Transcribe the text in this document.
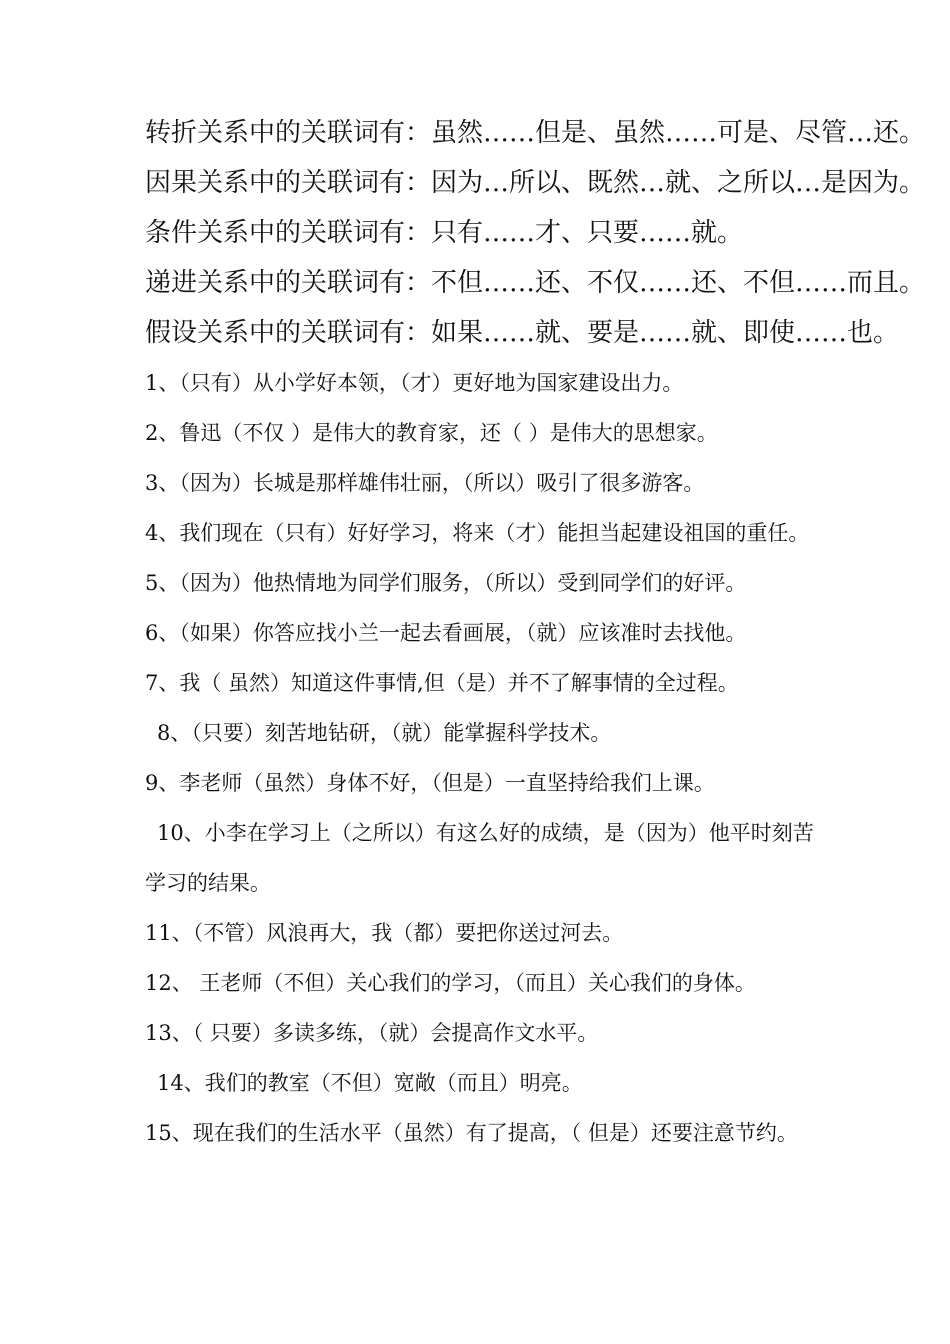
转折关系中的关联词有：虽然……但是、虽然……可是、尽管…还。
因果关系中的关联词有：因为…所以、既然…就、之所以…是因为。
条件关系中的关联词有：只有……才、只要……就。
递进关系中的关联词有：不但……还、不仅……还、不但……而且。
假设关系中的关联词有：如果……就、要是……就、即使……也。
1、（只有）从小学好本领，（才）更好地为国家建设出力。
2、鲁迅（不仅 ）是伟大的教育家，还（ ）是伟大的思想家。
3、（因为）长城是那样雄伟壮丽，（所以）吸引了很多游客。
4、我们现在（只有）好好学习，将来（才）能担当起建设祖国的重任。
5、（因为）他热情地为同学们服务，（所以）受到同学们的好评。
6、（如果）你答应找小兰一起去看画展，（就）应该准时去找他。
7、我（ 虽然）知道这件事情,但（是）并不了解事情的全过程。
8、（只要）刻苦地钻研，（就）能掌握科学技术。
9、李老师（虽然）身体不好，（但是）一直坚持给我们上课。
10、小李在学习上（之所以）有这么好的成绩，是（因为）他平时刻苦
学习的结果。
11、（不管）风浪再大，我（都）要把你送过河去。
12、 王老师（不但）关心我们的学习，（而且）关心我们的身体。
13、（ 只要）多读多练，（就）会提高作文水平。
14、我们的教室（不但）宽敞（而且）明亮。
15、现在我们的生活水平（虽然）有了提高，（ 但是）还要注意节约。
